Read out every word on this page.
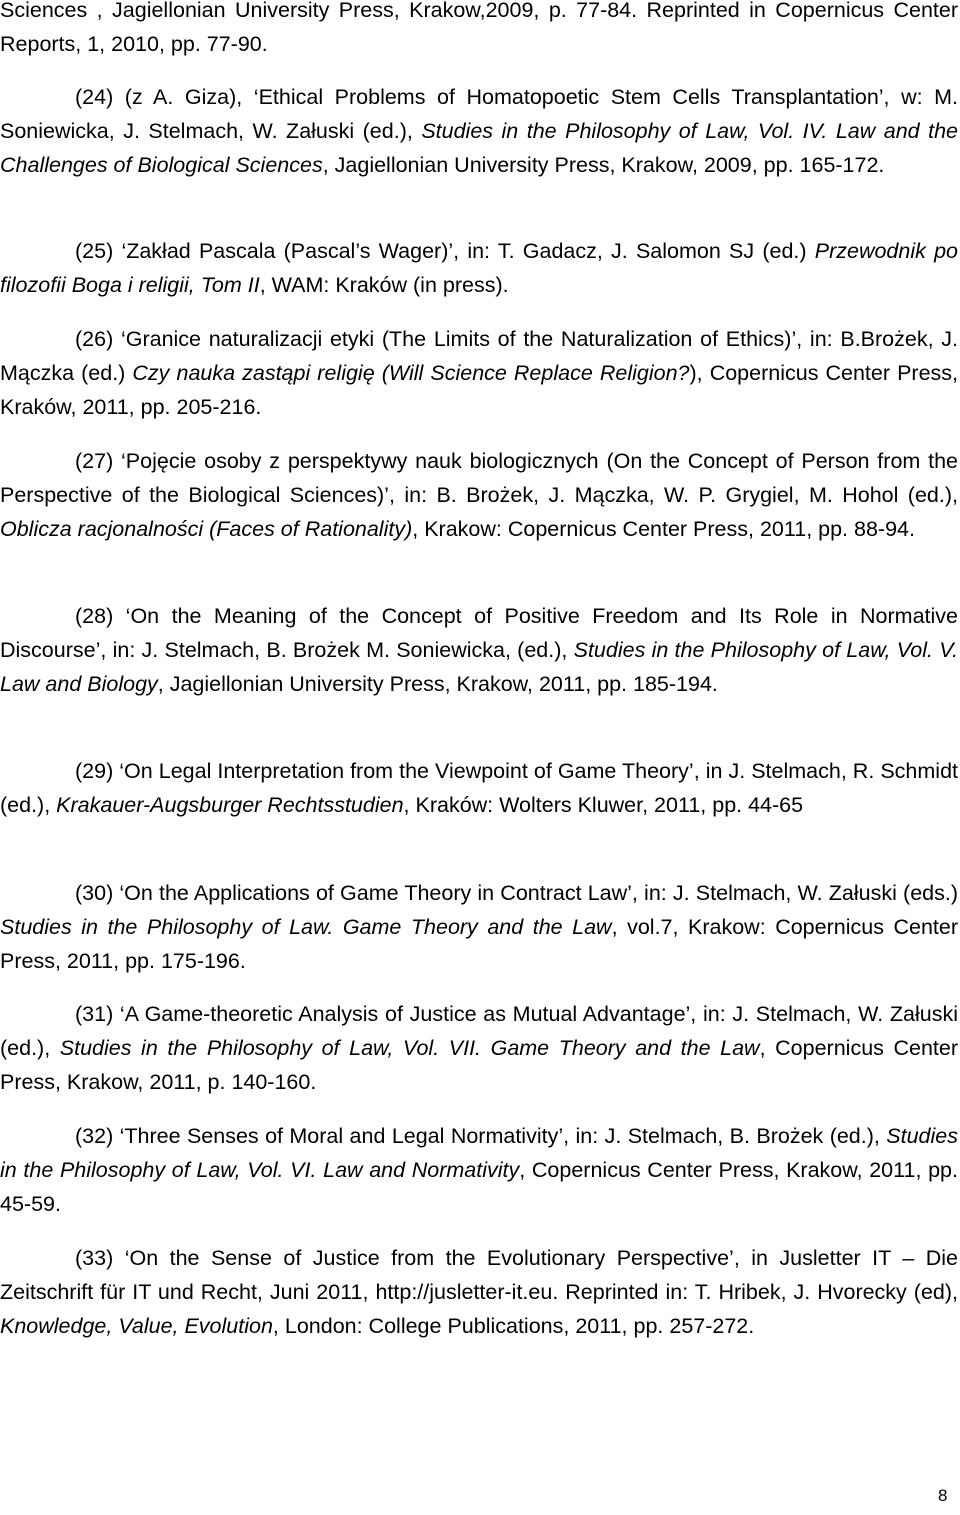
Sciences , Jagiellonian University Press, Krakow,2009, p. 77-84. Reprinted in Copernicus Center Reports, 1, 2010, pp. 77-90.

(24) (z A. Giza), ‘Ethical Problems of Homatopoetic Stem Cells Transplantation’, w: M. Soniewicka, J. Stelmach, W. Załuski (ed.), Studies in the Philosophy of Law, Vol. IV. Law and the Challenges of Biological Sciences, Jagiellonian University Press, Krakow, 2009, pp. 165-172.

(25) ‘Zakład Pascala (Pascal’s Wager)’, in: T. Gadacz, J. Salomon SJ (ed.) Przewodnik po filozofii Boga i religii, Tom II, WAM: Kraków (in press).

(26) ‘Granice naturalizacji etyki (The Limits of the Naturalization of Ethics)’, in: B.Brożek, J. Mączka (ed.) Czy nauka zastąpi religię (Will Science Replace Religion?), Copernicus Center Press, Kraków, 2011, pp. 205-216.

(27) ‘Pojęcie osoby z perspektywy nauk biologicznych (On the Concept of Person from the Perspective of the Biological Sciences)’, in: B. Brożek, J. Mączka, W. P. Grygiel, M. Hohol (ed.), Oblicza racjonalności (Faces of Rationality), Krakow: Copernicus Center Press, 2011, pp. 88-94.

(28) ‘On the Meaning of the Concept of Positive Freedom and Its Role in Normative Discourse’, in: J. Stelmach, B. Brożek M. Soniewicka, (ed.), Studies in the Philosophy of Law, Vol. V. Law and Biology, Jagiellonian University Press, Krakow, 2011, pp. 185-194.

(29) ‘On Legal Interpretation from the Viewpoint of Game Theory’, in J. Stelmach, R. Schmidt (ed.), Krakauer-Augsburger Rechtsstudien, Kraków: Wolters Kluwer, 2011, pp. 44-65

(30) ‘On the Applications of Game Theory in Contract Law’, in: J. Stelmach, W. Załuski (eds.) Studies in the Philosophy of Law. Game Theory and the Law, vol.7, Krakow: Copernicus Center Press, 2011, pp. 175-196.

(31) ‘A Game-theoretic Analysis of Justice as Mutual Advantage’, in: J. Stelmach, W. Załuski (ed.), Studies in the Philosophy of Law, Vol. VII. Game Theory and the Law, Copernicus Center Press, Krakow, 2011, p. 140-160.

(32) ‘Three Senses of Moral and Legal Normativity’, in: J. Stelmach, B. Brożek (ed.), Studies in the Philosophy of Law, Vol. VI. Law and Normativity, Copernicus Center Press, Krakow, 2011, pp. 45-59.

(33) ‘On the Sense of Justice from the Evolutionary Perspective’, in Jusletter IT – Die Zeitschrift für IT und Recht, Juni 2011, http://jusletter-it.eu. Reprinted in: T. Hribek, J. Hvorecky (ed), Knowledge, Value, Evolution, London: College Publications, 2011, pp. 257-272.

8
